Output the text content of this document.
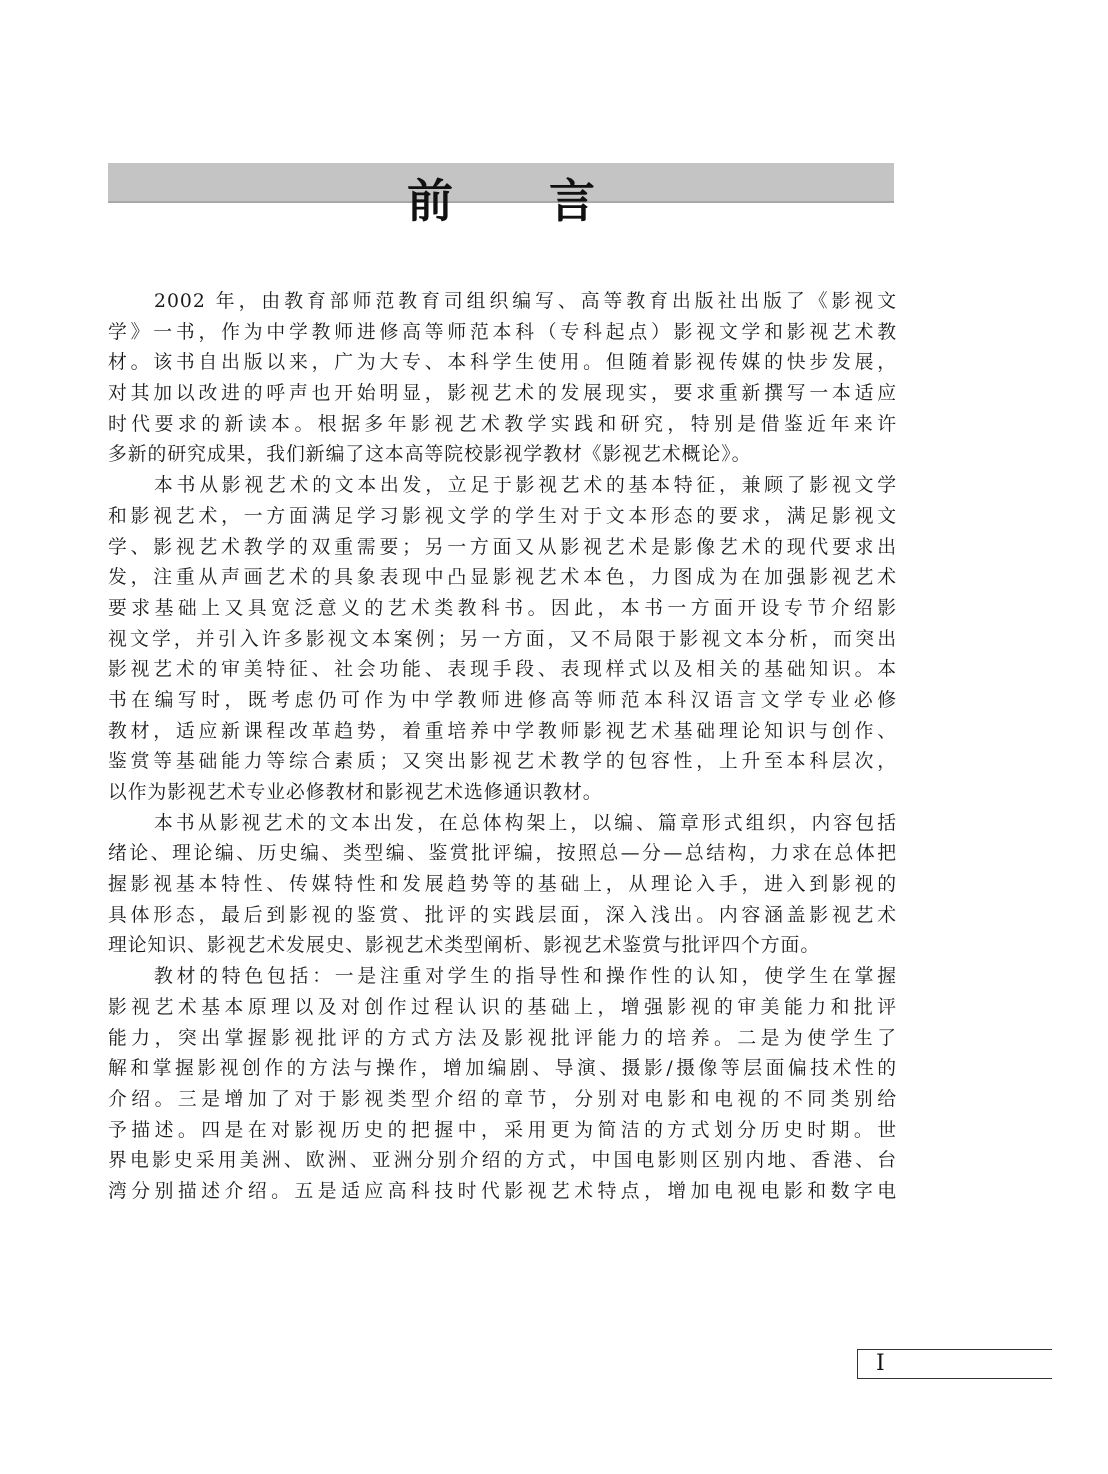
前言

2002 年，由教育部师范教育司组织编写、高等教育出版社出版了《影视文

学》一书，作为中学教师进修高等师范本科（专科起点）影视文学和影视艺术教

材。该书自出版以来，广为大专、本科学生使用。但随着影视传媒的快步发展，

对其加以改进的呼声也开始明显，影视艺术的发展现实，要求重新撰写一本适应

时代要求的新读本。根据多年影视艺术教学实践和研究，特别是借鉴近年来许

多新的研究成果，我们新编了这本高等院校影视学教材《影视艺术概论》。

本书从影视艺术的文本出发，立足于影视艺术的基本特征，兼顾了影视文学

和影视艺术，一方面满足学习影视文学的学生对于文本形态的要求，满足影视文

学、影视艺术教学的双重需要；另一方面又从影视艺术是影像艺术的现代要求出

发，注重从声画艺术的具象表现中凸显影视艺术本色，力图成为在加强影视艺术

要求基础上又具宽泛意义的艺术类教科书。因此，本书一方面开设专节介绍影

视文学，并引入许多影视文本案例；另一方面，又不局限于影视文本分析，而突出

影视艺术的审美特征、社会功能、表现手段、表现样式以及相关的基础知识。本

书在编写时，既考虑仍可作为中学教师进修高等师范本科汉语言文学专业必修

教材，适应新课程改革趋势，着重培养中学教师影视艺术基础理论知识与创作、

鉴赏等基础能力等综合素质；又突出影视艺术教学的包容性，上升至本科层次，

以作为影视艺术专业必修教材和影视艺术选修通识教材。

本书从影视艺术的文本出发，在总体构架上，以编、篇章形式组织，内容包括

绪论、理论编、历史编、类型编、鉴赏批评编，按照总—分—总结构，力求在总体把

握影视基本特性、传媒特性和发展趋势等的基础上，从理论入手，进入到影视的

具体形态，最后到影视的鉴赏、批评的实践层面，深入浅出。内容涵盖影视艺术

理论知识、影视艺术发展史、影视艺术类型阐析、影视艺术鉴赏与批评四个方面。

教材的特色包括：一是注重对学生的指导性和操作性的认知，使学生在掌握

影视艺术基本原理以及对创作过程认识的基础上，增强影视的审美能力和批评

能力，突出掌握影视批评的方式方法及影视批评能力的培养。二是为使学生了

解和掌握影视创作的方法与操作，增加编剧、导演、摄影/摄像等层面偏技术性的

介绍。三是增加了对于影视类型介绍的章节，分别对电影和电视的不同类别给

予描述。四是在对影视历史的把握中，采用更为简洁的方式划分历史时期。世

界电影史采用美洲、欧洲、亚洲分别介绍的方式，中国电影则区别内地、香港、台

湾分别描述介绍。五是适应高科技时代影视艺术特点，增加电视电影和数字电

I
